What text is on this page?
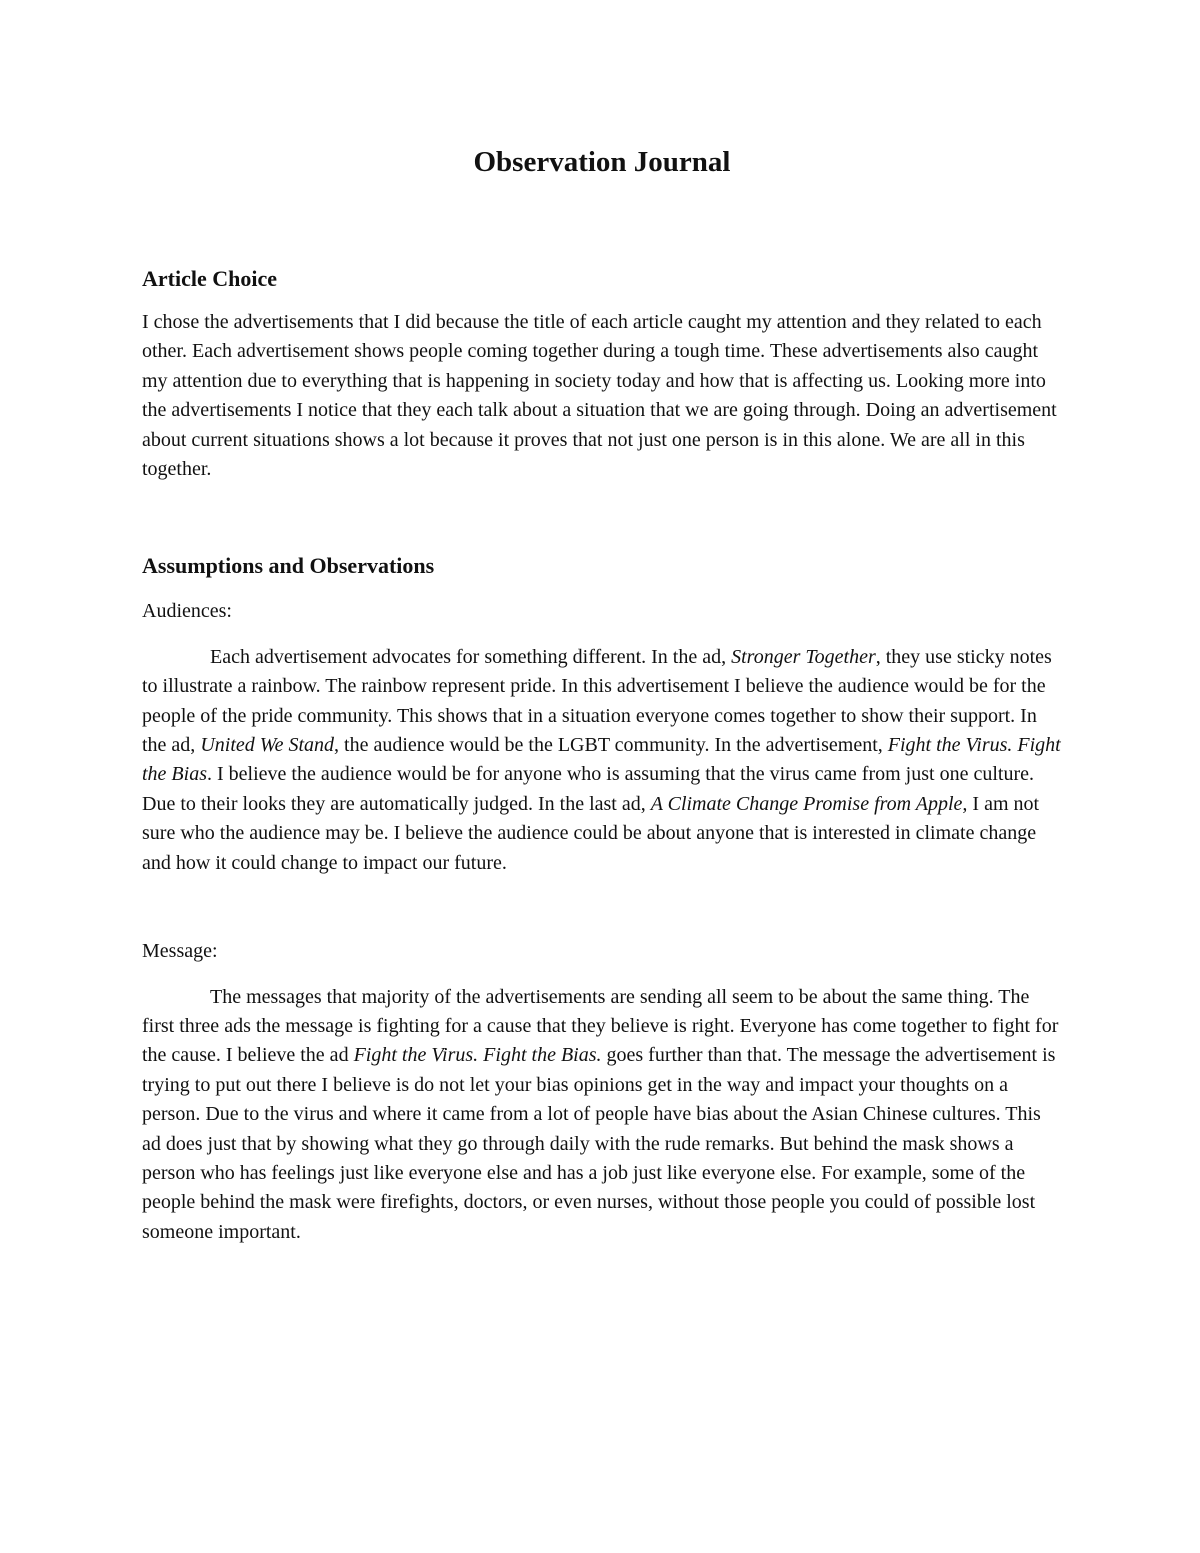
Observation Journal
Article Choice

I chose the advertisements that I did because the title of each article caught my attention and they related to each other. Each advertisement shows people coming together during a tough time. These advertisements also caught my attention due to everything that is happening in society today and how that is affecting us. Looking more into the advertisements I notice that they each talk about a situation that we are going through. Doing an advertisement about current situations shows a lot because it proves that not just one person is in this alone. We are all in this together.

Assumptions and Observations

Audiences:

Each advertisement advocates for something different. In the ad, Stronger Together, they use sticky notes to illustrate a rainbow. The rainbow represent pride. In this advertisement I believe the audience would be for the people of the pride community. This shows that in a situation everyone comes together to show their support. In the ad, United We Stand, the audience would be the LGBT community. In the advertisement, Fight the Virus. Fight the Bias. I believe the audience would be for anyone who is assuming that the virus came from just one culture. Due to their looks they are automatically judged. In the last ad, A Climate Change Promise from Apple, I am not sure who the audience may be. I believe the audience could be about anyone that is interested in climate change and how it could change to impact our future.

Message:

The messages that majority of the advertisements are sending all seem to be about the same thing. The first three ads the message is fighting for a cause that they believe is right. Everyone has come together to fight for the cause. I believe the ad Fight the Virus. Fight the Bias. goes further than that. The message the advertisement is trying to put out there I believe is do not let your bias opinions get in the way and impact your thoughts on a person. Due to the virus and where it came from a lot of people have bias about the Asian Chinese cultures. This ad does just that by showing what they go through daily with the rude remarks. But behind the mask shows a person who has feelings just like everyone else and has a job just like everyone else. For example, some of the people behind the mask were firefights, doctors, or even nurses, without those people you could of possible lost someone important.
